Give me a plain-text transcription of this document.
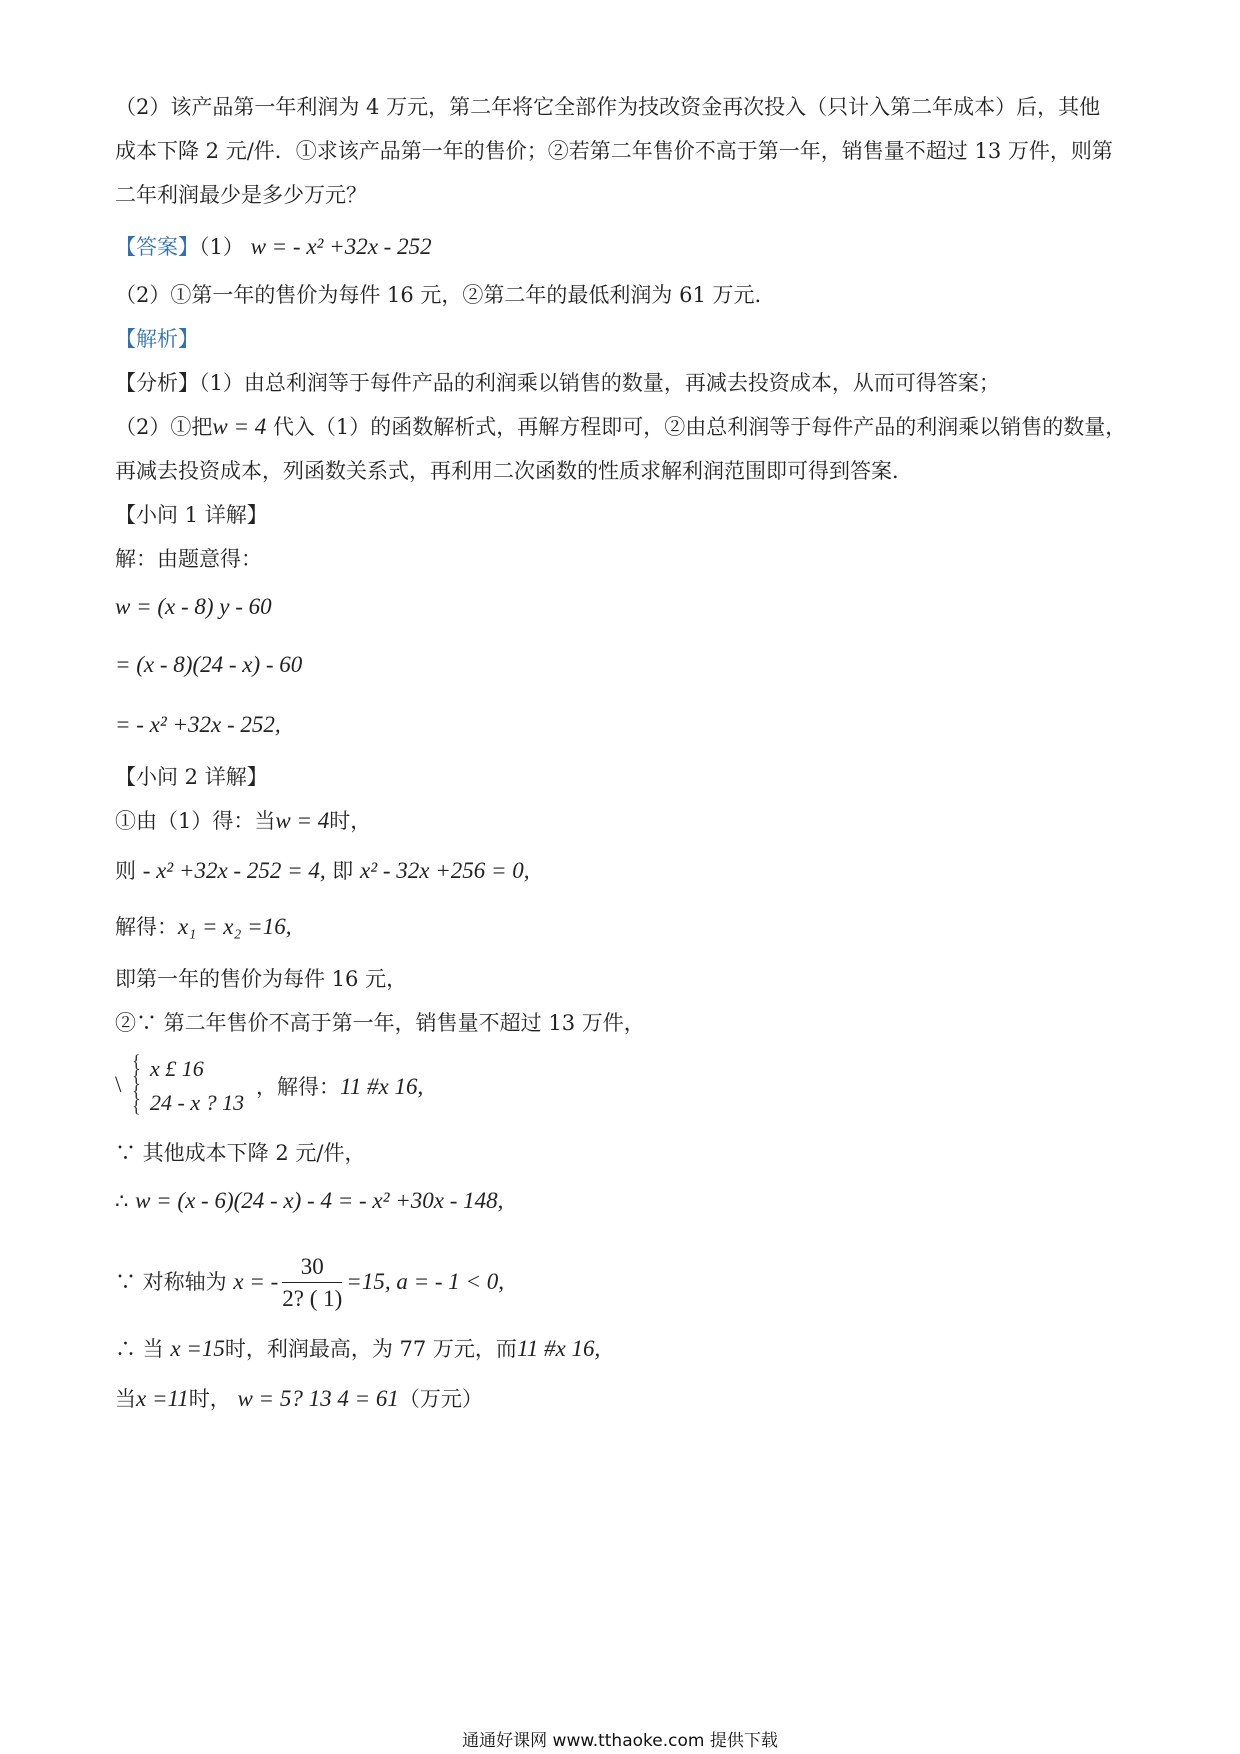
（2）该产品第一年利润为 4 万元，第二年将它全部作为技改资金再次投入（只计入第二年成本）后，其他
成本下降 2 元/件．①求该产品第一年的售价；②若第二年售价不高于第一年，销售量不超过 13 万件，则第
二年利润最少是多少万元？
【答案】（1） w = - x² +32x - 252
（2）①第一年的售价为每件 16 元，②第二年的最低利润为 61 万元.
【解析】
【分析】（1）由总利润等于每件产品的利润乘以销售的数量，再减去投资成本，从而可得答案；
（2）①把w = 4 代入（1）的函数解析式，再解方程即可，②由总利润等于每件产品的利润乘以销售的数量，
再减去投资成本，列函数关系式，再利用二次函数的性质求解利润范围即可得到答案．
【小问 1 详解】
解：由题意得：
w = (x - 8) y - 60
= (x - 8)(24 - x) - 60
= - x² +32x - 252,
【小问 2 详解】
①由（1）得：当w = 4时，
则 - x² +32x - 252 = 4, 即 x² - 32x +256 = 0,
解得：x₁ = x₂ =16,
即第一年的售价为每件 16 元，
②∵ 第二年售价不高于第一年，销售量不超过 13 万件，
\
{
{
{
{
x £ 16
24 - x ? 13
，解得：11 #x 16,
∵ 其他成本下降 2 元/件，
∴ w = (x - 6)(24 - x) - 4 = - x² +30x - 148,
∵ 对称轴为 x = - $\frac{30}{2? ( 1)} =15$, a = - 1 < 0,
∴ 当 x =15时，利润最高，为 77 万元，而11 #x 16,
当x =11时， w = 5? 13 4 = 61（万元）
通通好课网 www.tthaoke.com 提供下载
